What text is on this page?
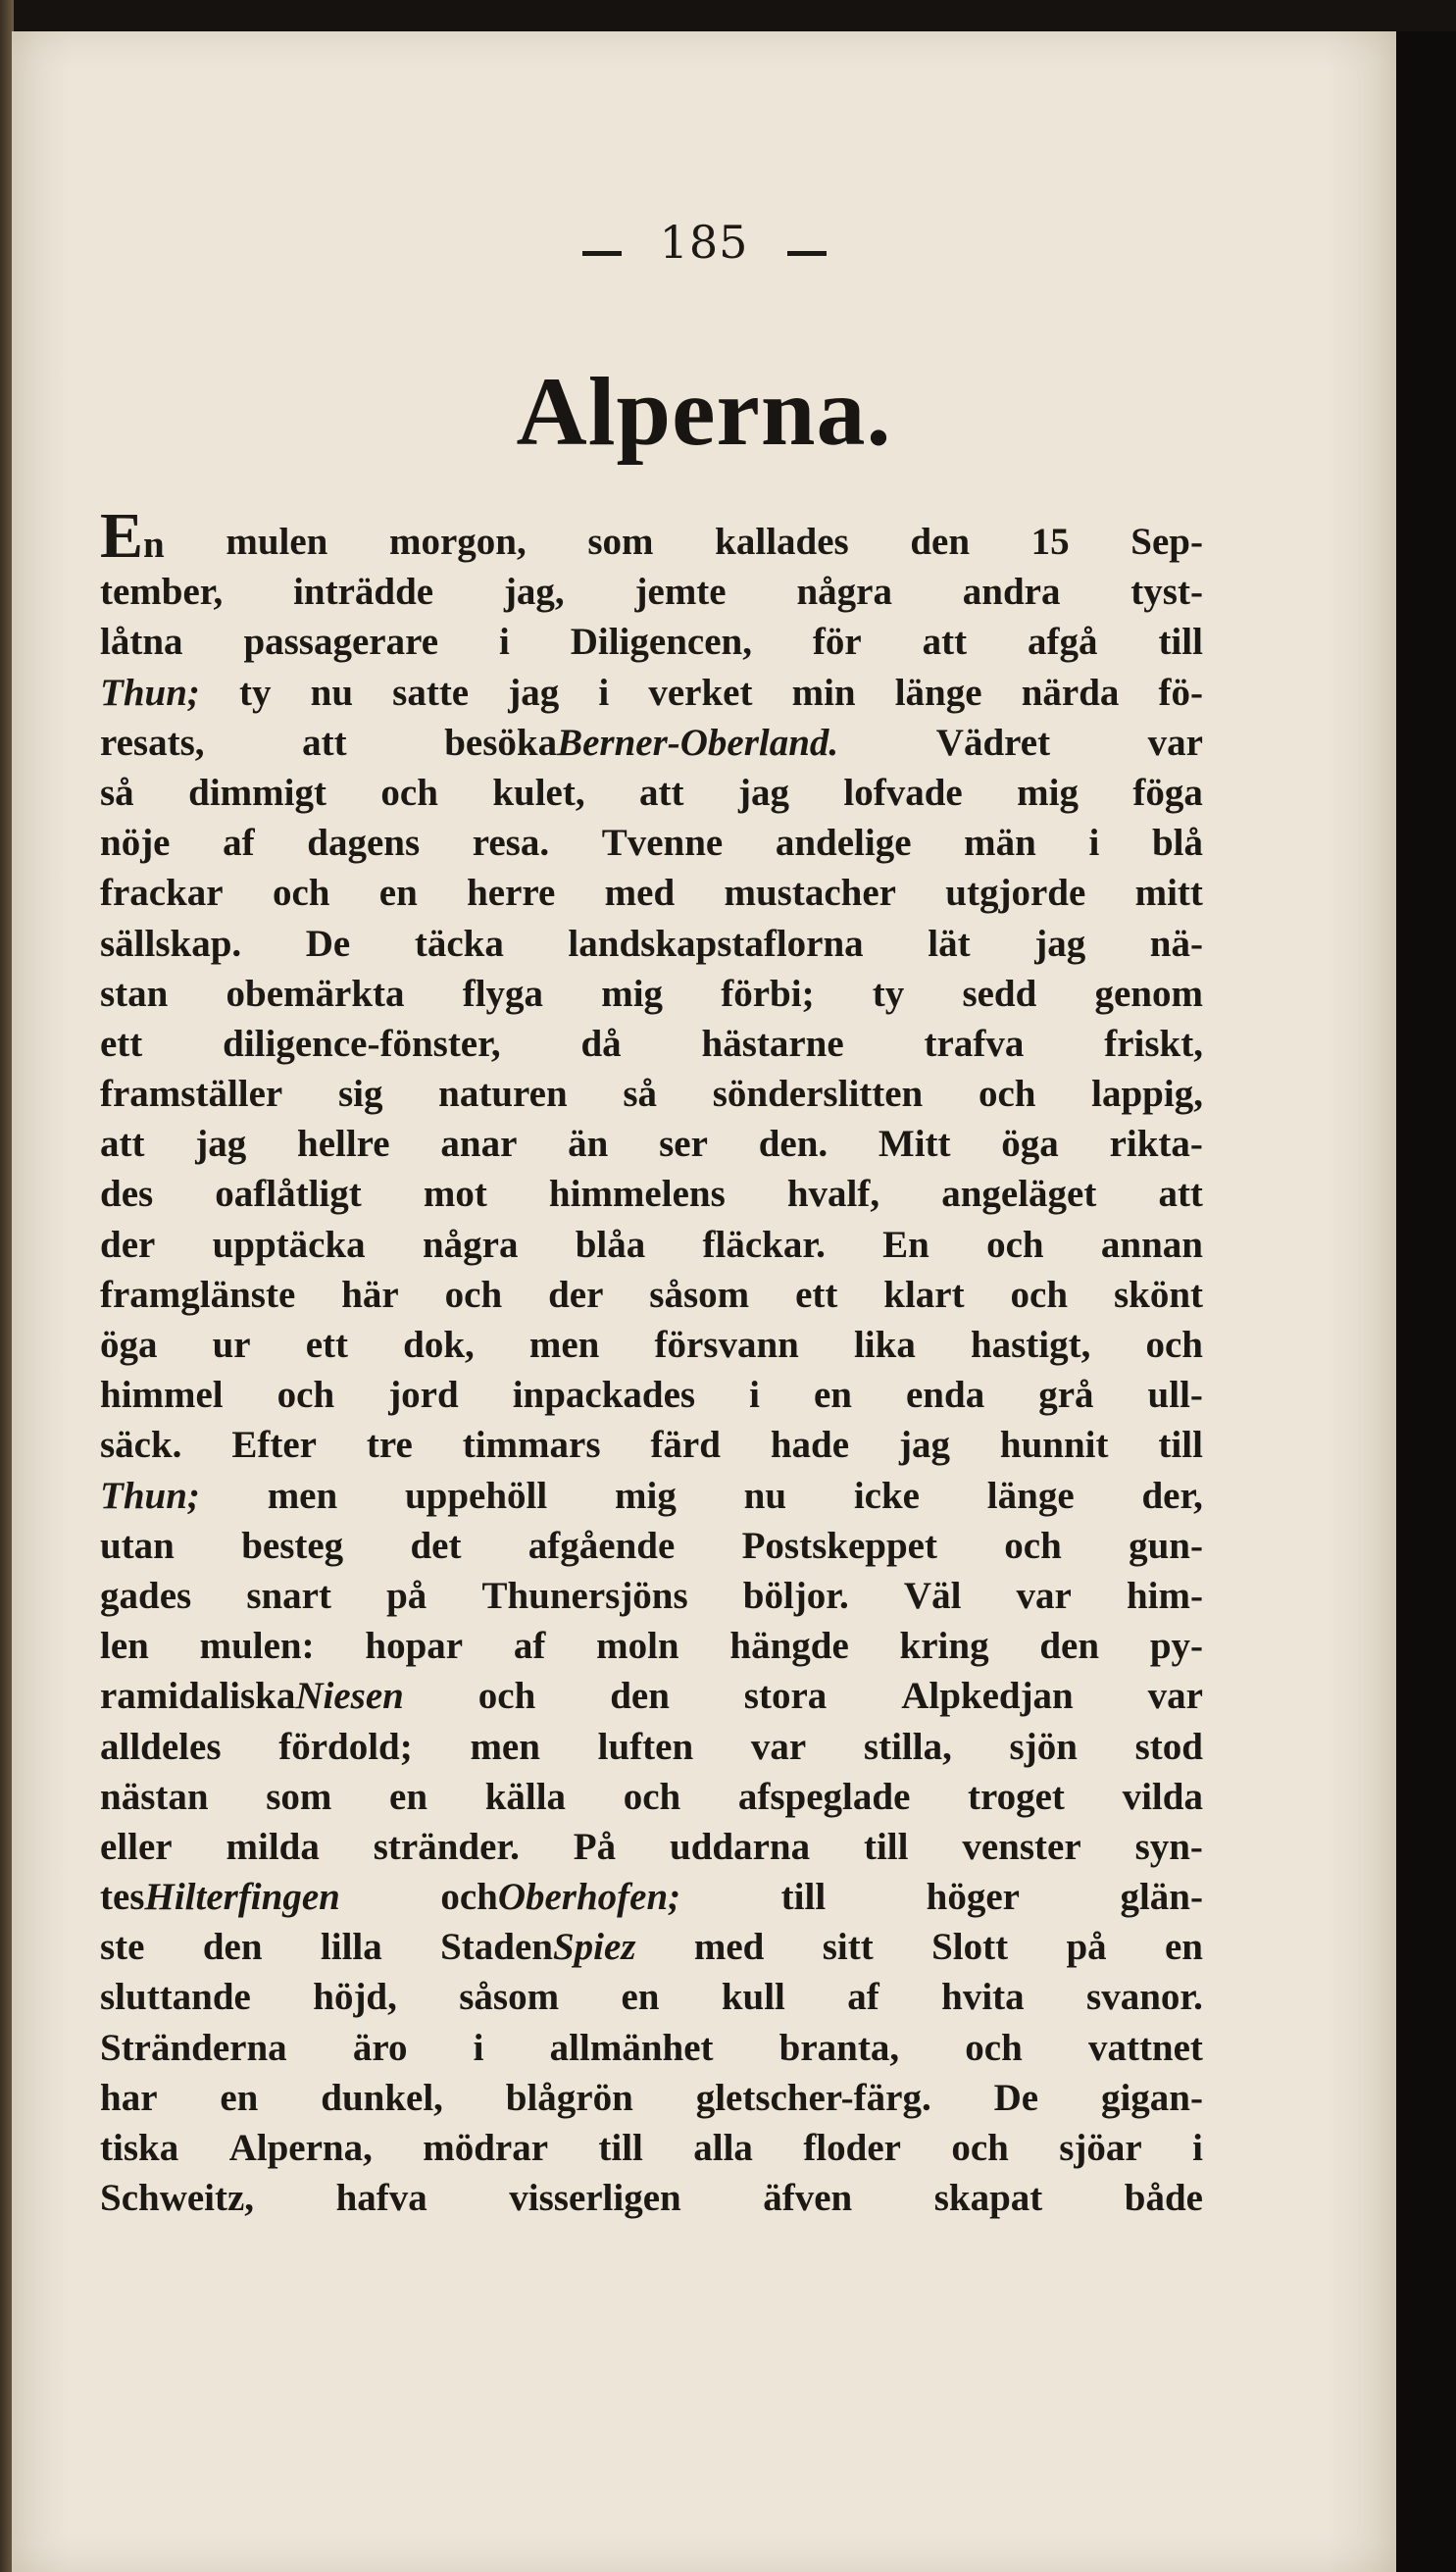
185
Alperna.
En mulen morgon, som kallades den 15 Sep-
tember, inträdde jag, jemte några andra tyst-
låtna passagerare i Diligencen, för att afgå till
Thun; ty nu satte jag i verket min länge närda fö-
resats,	att	besökaBerner-Oberland.	Vädret	var
så dimmigt och kulet, att jag lofvade mig föga
nöje af dagens resa. Tvenne andelige män i blå
frackar och en herre med mustacher utgjorde mitt
sällskap. De täcka landskapstaflorna lät jag nä-
stan obemärkta flyga mig förbi; ty sedd genom
ett diligence-fönster, då hästarne trafva friskt,
framställer sig naturen så sönderslitten och lappig,
att jag hellre anar än ser den. Mitt öga rikta-
des oaflåtligt mot himmelens hvalf, angeläget att
der upptäcka några blåa fläckar. En och annan
framglänste här och der såsom ett klart och skönt
öga ur ett dok, men försvann lika hastigt, och
himmel och jord inpackades i en enda grå ull-
säck. Efter tre timmars färd hade jag hunnit till
Thun; men uppehöll mig nu icke länge der,
utan besteg det afgående Postskeppet och gun-
gades snart på Thunersjöns böljor. Väl var him-
len mulen: hopar af moln hängde kring den py-
ramidaliskaNiesen och den stora Alpkedjan var
alldeles fördold; men luften var stilla, sjön stod
nästan som en källa och afspeglade troget vilda
eller milda stränder. På uddarna till venster syn-
tesHilterfingen	ochOberhofen;	till	höger	glän-
ste den lilla StadenSpiez med sitt Slott på en
sluttande höjd, såsom en kull af hvita svanor.
Stränderna äro i allmänhet branta, och vattnet
har en dunkel, blågrön gletscher-färg. De gigan-
tiska Alperna, mödrar till alla floder och sjöar i
Schweitz, hafva visserligen äfven skapat både
